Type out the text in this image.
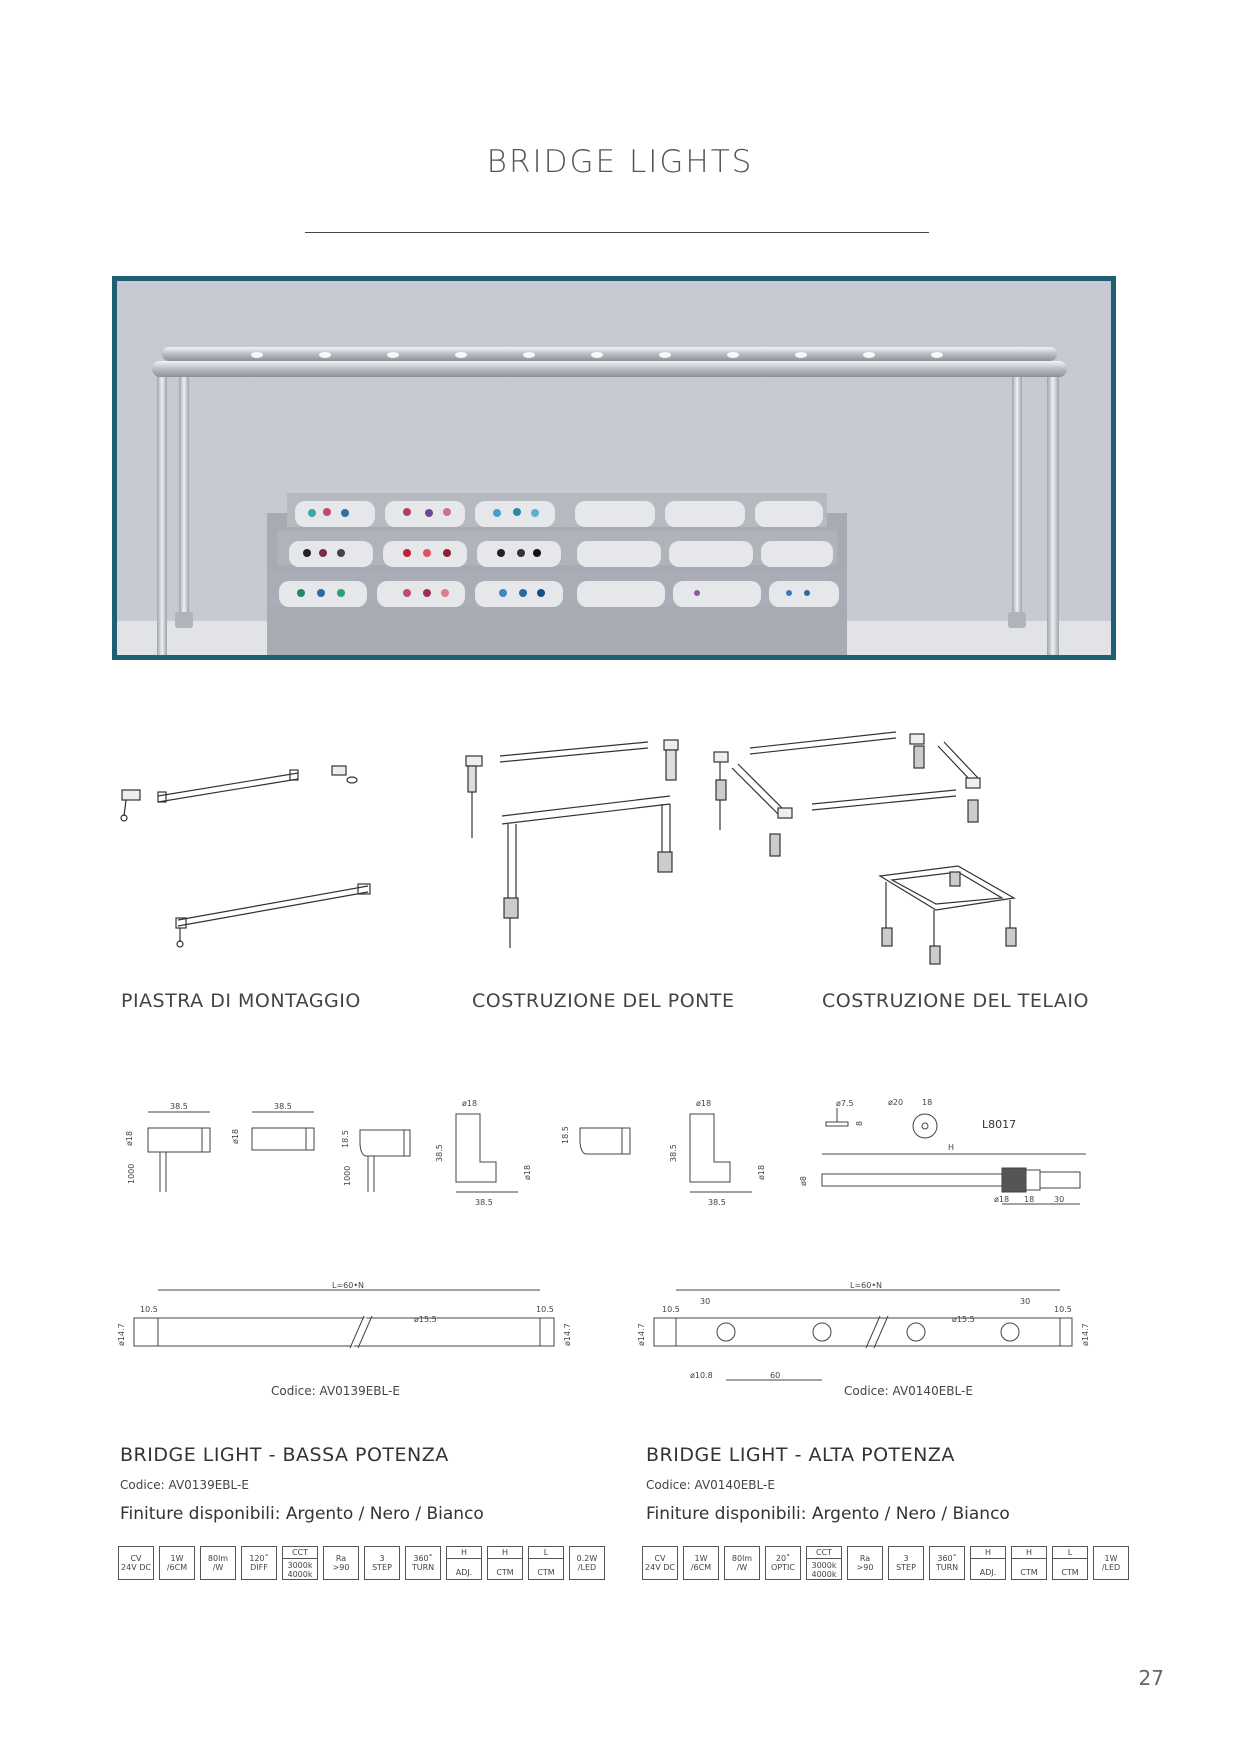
BRIDGE LIGHTS
PIASTRA DI MONTAGGIO	COSTRUZIONE DEL PONTE	COSTRUZIONE DEL TELAIO
38.5
ø18
1000
38.5
ø18	18.5
1000
ø18
38.5
38.5
ø18
18.5
ø18
38.5
38.5
ø18
ø7.5
8
ø20 18
L8017
H
ø8
ø18 18 30
L=60•N
10.5	10.5
ø15.5
ø14.7	ø14.7
L=60•N
30	30
10.5	10.5
ø15.5
ø14.7	ø14.7
ø10.8	60
Codice: AV0139EBL-E	Codice: AV0140EBL-E
BRIDGE LIGHT - BASSA POTENZA
Codice: AV0139EBL-E
Finiture disponibili: Argento / Nero / Bianco
BRIDGE LIGHT - ALTA POTENZA
Codice: AV0140EBL-E
Finiture disponibili: Argento / Nero / Bianco
CV
24V DC
1W
/6CM
80lm
/W
120˚
DIFF
CCT
3000k
4000k
Ra
>90
3
STEP
360˚
TURN
H
ADJ.
H
CTM
L
CTM
0.2W
/LED
CV
24V DC
1W
/6CM
80lm
/W
20˚
OPTIC
CCT
3000k
4000k
Ra
>90
3
STEP
360˚
TURN
H
ADJ.
H
CTM
L
CTM
1W
/LED
27
